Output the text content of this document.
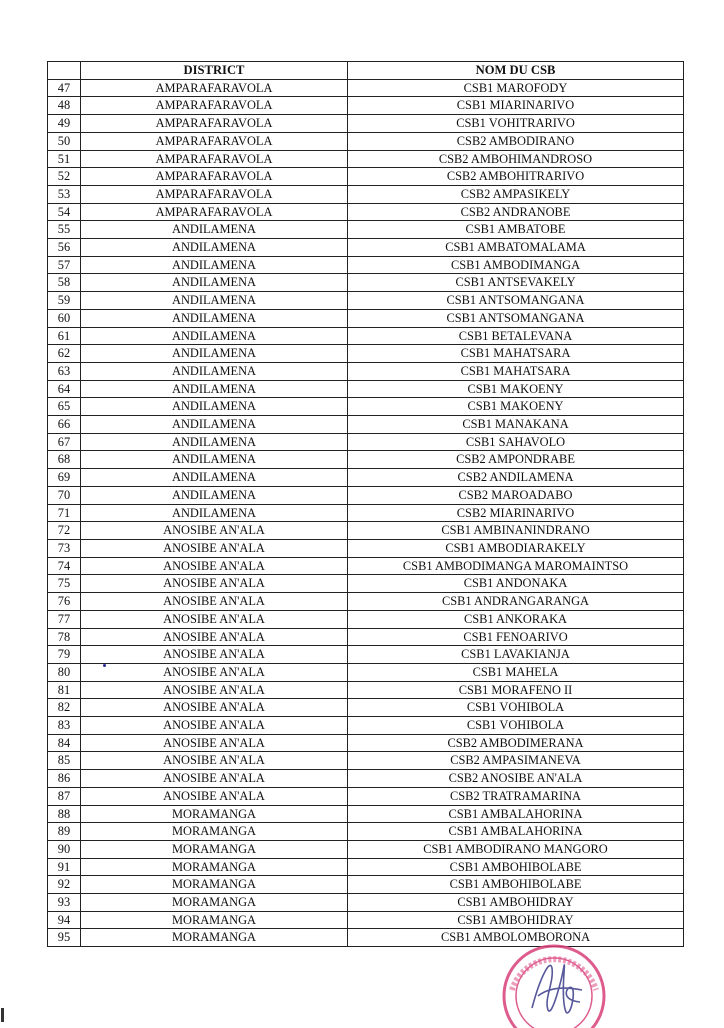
	DISTRICT	NOM DU CSB
47	AMPARAFARAVOLA	CSB1 MAROFODY
48	AMPARAFARAVOLA	CSB1 MIARINARIVO
49	AMPARAFARAVOLA	CSB1 VOHITRARIVO
50	AMPARAFARAVOLA	CSB2 AMBODIRANO
51	AMPARAFARAVOLA	CSB2 AMBOHIMANDROSO
52	AMPARAFARAVOLA	CSB2 AMBOHITRARIVO
53	AMPARAFARAVOLA	CSB2 AMPASIKELY
54	AMPARAFARAVOLA	CSB2 ANDRANOBE
55	ANDILAMENA	CSB1 AMBATOBE
56	ANDILAMENA	CSB1 AMBATOMALAMA
57	ANDILAMENA	CSB1 AMBODIMANGA
58	ANDILAMENA	CSB1 ANTSEVAKELY
59	ANDILAMENA	CSB1 ANTSOMANGANA
60	ANDILAMENA	CSB1 ANTSOMANGANA
61	ANDILAMENA	CSB1 BETALEVANA
62	ANDILAMENA	CSB1 MAHATSARA
63	ANDILAMENA	CSB1 MAHATSARA
64	ANDILAMENA	CSB1 MAKOENY
65	ANDILAMENA	CSB1 MAKOENY
66	ANDILAMENA	CSB1 MANAKANA
67	ANDILAMENA	CSB1 SAHAVOLO
68	ANDILAMENA	CSB2 AMPONDRABE
69	ANDILAMENA	CSB2 ANDILAMENA
70	ANDILAMENA	CSB2 MAROADABO
71	ANDILAMENA	CSB2 MIARINARIVO
72	ANOSIBE AN'ALA	CSB1 AMBINANINDRANO
73	ANOSIBE AN'ALA	CSB1 AMBODIARAKELY
74	ANOSIBE AN'ALA	CSB1 AMBODIMANGA MAROMAINTSO
75	ANOSIBE AN'ALA	CSB1 ANDONAKA
76	ANOSIBE AN'ALA	CSB1 ANDRANGARANGA
77	ANOSIBE AN'ALA	CSB1 ANKORAKA
78	ANOSIBE AN'ALA	CSB1 FENOARIVO
79	ANOSIBE AN'ALA	CSB1 LAVAKIANJA
80	ANOSIBE AN'ALA	CSB1 MAHELA
81	ANOSIBE AN'ALA	CSB1 MORAFENO II
82	ANOSIBE AN'ALA	CSB1 VOHIBOLA
83	ANOSIBE AN'ALA	CSB1 VOHIBOLA
84	ANOSIBE AN'ALA	CSB2 AMBODIMERANA
85	ANOSIBE AN'ALA	CSB2 AMPASIMANEVA
86	ANOSIBE AN'ALA	CSB2 ANOSIBE AN'ALA
87	ANOSIBE AN'ALA	CSB2 TRATRAMARINA
88	MORAMANGA	CSB1 AMBALAHORINA
89	MORAMANGA	CSB1 AMBALAHORINA
90	MORAMANGA	CSB1 AMBODIRANO MANGORO
91	MORAMANGA	CSB1 AMBOHIBOLABE
92	MORAMANGA	CSB1 AMBOHIBOLABE
93	MORAMANGA	CSB1 AMBOHIDRAY
94	MORAMANGA	CSB1 AMBOHIDRAY
95	MORAMANGA	CSB1 AMBOLOMBORONA
